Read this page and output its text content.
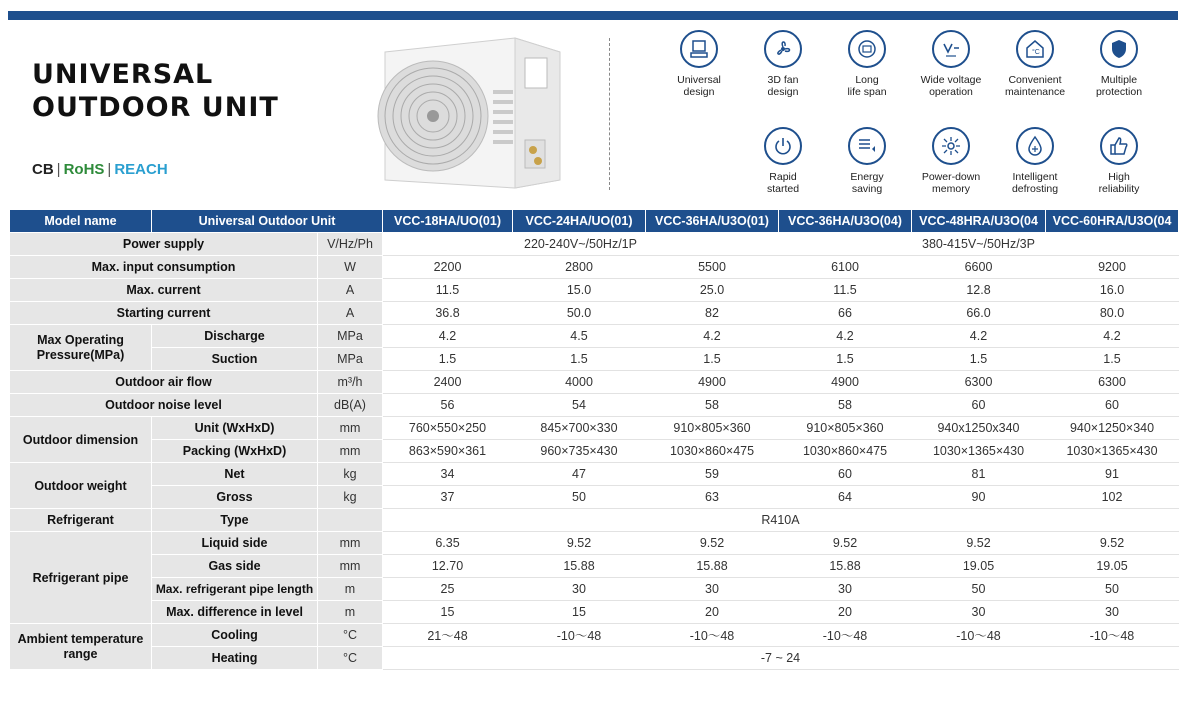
UNIVERSAL
OUTDOOR UNIT
CB | RoHS | REACH
Universal
design
3D fan
design
Long
life span
Wide voltage
operation
°C
Convenient
maintenance
Multiple
protection
Rapid
started
Energy
saving
Power-down
memory
Intelligent
defrosting
High
reliability
Model name	Universal Outdoor Unit		VCC-18HA/UO(01)	VCC-24HA/UO(01)	VCC-36HA/U3O(01)	VCC-36HA/U3O(04)	VCC-48HRA/U3O(04	VCC-60HRA/U3O(04
Power supply		V/Hz/Ph	220-240V~/50Hz/1P			380-415V~/50Hz/3P		
Max. input consumption		W	2200	2800	5500	6100	6600	9200
Max. current		A	11.5	15.0	25.0	11.5	12.8	16.0
Starting current		A	36.8	50.0	82	66	66.0	80.0
Max Operating Pressure(MPa)	Discharge	MPa	4.2	4.5	4.2	4.2	4.2	4.2
	Suction	MPa	1.5	1.5	1.5	1.5	1.5	1.5
Outdoor air flow		m³/h	2400	4000	4900	4900	6300	6300
Outdoor noise level		dB(A)	56	54	58	58	60	60
Outdoor dimension	Unit (WxHxD)	mm	760×550×250	845×700×330	910×805×360	910×805×360	940x1250x340	940×1250×340
	Packing (WxHxD)	mm	863×590×361	960×735×430	1030×860×475	1030×860×475	1030×1365×430	1030×1365×430
Outdoor weight	Net	kg	34	47	59	60	81	91
	Gross	kg	37	50	63	64	90	102
Refrigerant	Type		R410A					
Refrigerant pipe	Liquid side	mm	6.35	9.52	9.52	9.52	9.52	9.52
	Gas side	mm	12.70	15.88	15.88	15.88	19.05	19.05
	Max. refrigerant pipe length	m	25	30	30	30	50	50
	Max. difference in level	m	15	15	20	20	30	30
Ambient temperature range	Cooling	°C	21～48	-10～48	-10～48	-10～48	-10～48	-10～48
	Heating	°C	-7 ~ 24					
